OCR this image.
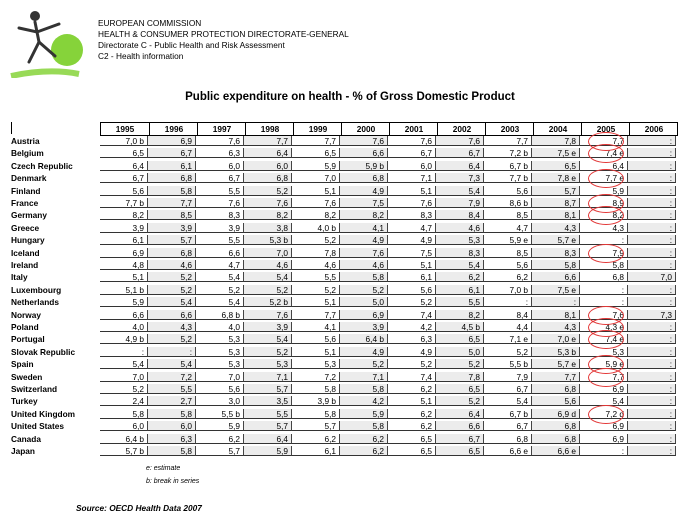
EUROPEAN COMMISSION
HEALTH & CONSUMER PROTECTION DIRECTORATE-GENERAL
Directorate C - Public Health and Risk Assessment
C2 - Health information
Public expenditure on health - % of Gross Domestic Product
1995	1996	1997	1998	1999	2000	2001	2002	2003	2004	2005	2006
Austria	7,0 b	6,9	7,6	7,7	7,7	7,6	7,6	7,6	7,7	7,8	7,7	:
Belgium	6,5	6,7	6,3	6,4	6,5	6,6	6,7	6,7	7,2 b	7,5 e	7,4 e	:
Czech Republic	6,4	6,1	6,0	6,0	5,9	5,9 b	6,0	6,4	6,7 b	6,5	6,4	:
Denmark	6,7	6,8	6,7	6,8	7,0	6,8	7,1	7,3	7,7 b	7,8 e	7,7 e	:
Finland	5,6	5,8	5,5	5,2	5,1	4,9	5,1	5,4	5,6	5,7	5,9	:
France	7,7 b	7,7	7,6	7,6	7,6	7,5	7,6	7,9	8,6 b	8,7	8,9	:
Germany	8,2	8,5	8,3	8,2	8,2	8,2	8,3	8,4	8,5	8,1	8,2	:
Greece	3,9	3,9	3,9	3,8	4,0 b	4,1	4,7	4,6	4,7	4,3	4,3	:
Hungary	6,1	5,7	5,5	5,3 b	5,2	4,9	4,9	5,3	5,9 e	5,7 e	:	:
Iceland	6,9	6,8	6,6	7,0	7,8	7,6	7,5	8,3	8,5	8,3	7,9	:
Ireland	4,8	4,6	4,7	4,6	4,6	4,6	5,1	5,4	5,6	5,8	5,8	:
Italy	5,1	5,2	5,4	5,4	5,5	5,8	6,1	6,2	6,2	6,6	6,8	7,0
Luxembourg	5,1 b	5,2	5,2	5,2	5,2	5,2	5,6	6,1	7,0 b	7,5 e	:	:
Netherlands	5,9	5,4	5,4	5,2 b	5,1	5,0	5,2	5,5	:	:	:	:
Norway	6,6	6,6	6,8 b	7,6	7,7	6,9	7,4	8,2	8,4	8,1	7,6	7,3
Poland	4,0	4,3	4,0	3,9	4,1	3,9	4,2	4,5 b	4,4	4,3	4,3 e	:
Portugal	4,9 b	5,2	5,3	5,4	5,6	6,4 b	6,3	6,5	7,1 e	7,0 e	7,4 e	:
Slovak Republic	:	:	5,3	5,2	5,1	4,9	4,9	5,0	5,2	5,3 b	5,3	:
Spain	5,4	5,4	5,3	5,3	5,3	5,2	5,2	5,2	5,5 b	5,7 e	5,9 e	:
Sweden	7,0	7,2	7,0	7,1	7,2	7,1	7,4	7,8	7,9	7,7	7,7	:
Switzerland	5,2	5,5	5,6	5,7	5,8	5,8	6,2	6,5	6,7	6,8	6,9	:
Turkey	2,4	2,7	3,0	3,5	3,9 b	4,2	5,1	5,2	5,4	5,6	5,4	:
United Kingdom	5,8	5,8	5,5 b	5,5	5,8	5,9	6,2	6,4	6,7 b	6,9 d	7,2 d	:
United States	6,0	6,0	5,9	5,7	5,7	5,8	6,2	6,6	6,7	6,8	6,9	:
Canada	6,4 b	6,3	6,2	6,4	6,2	6,2	6,5	6,7	6,8	6,8	6,9	:
Japan	5,7 b	5,8	5,7	5,9	6,1	6,2	6,5	6,5	6,6 e	6,6 e	:	:
e: estimate
b: break in series
Source: OECD Health Data 2007
